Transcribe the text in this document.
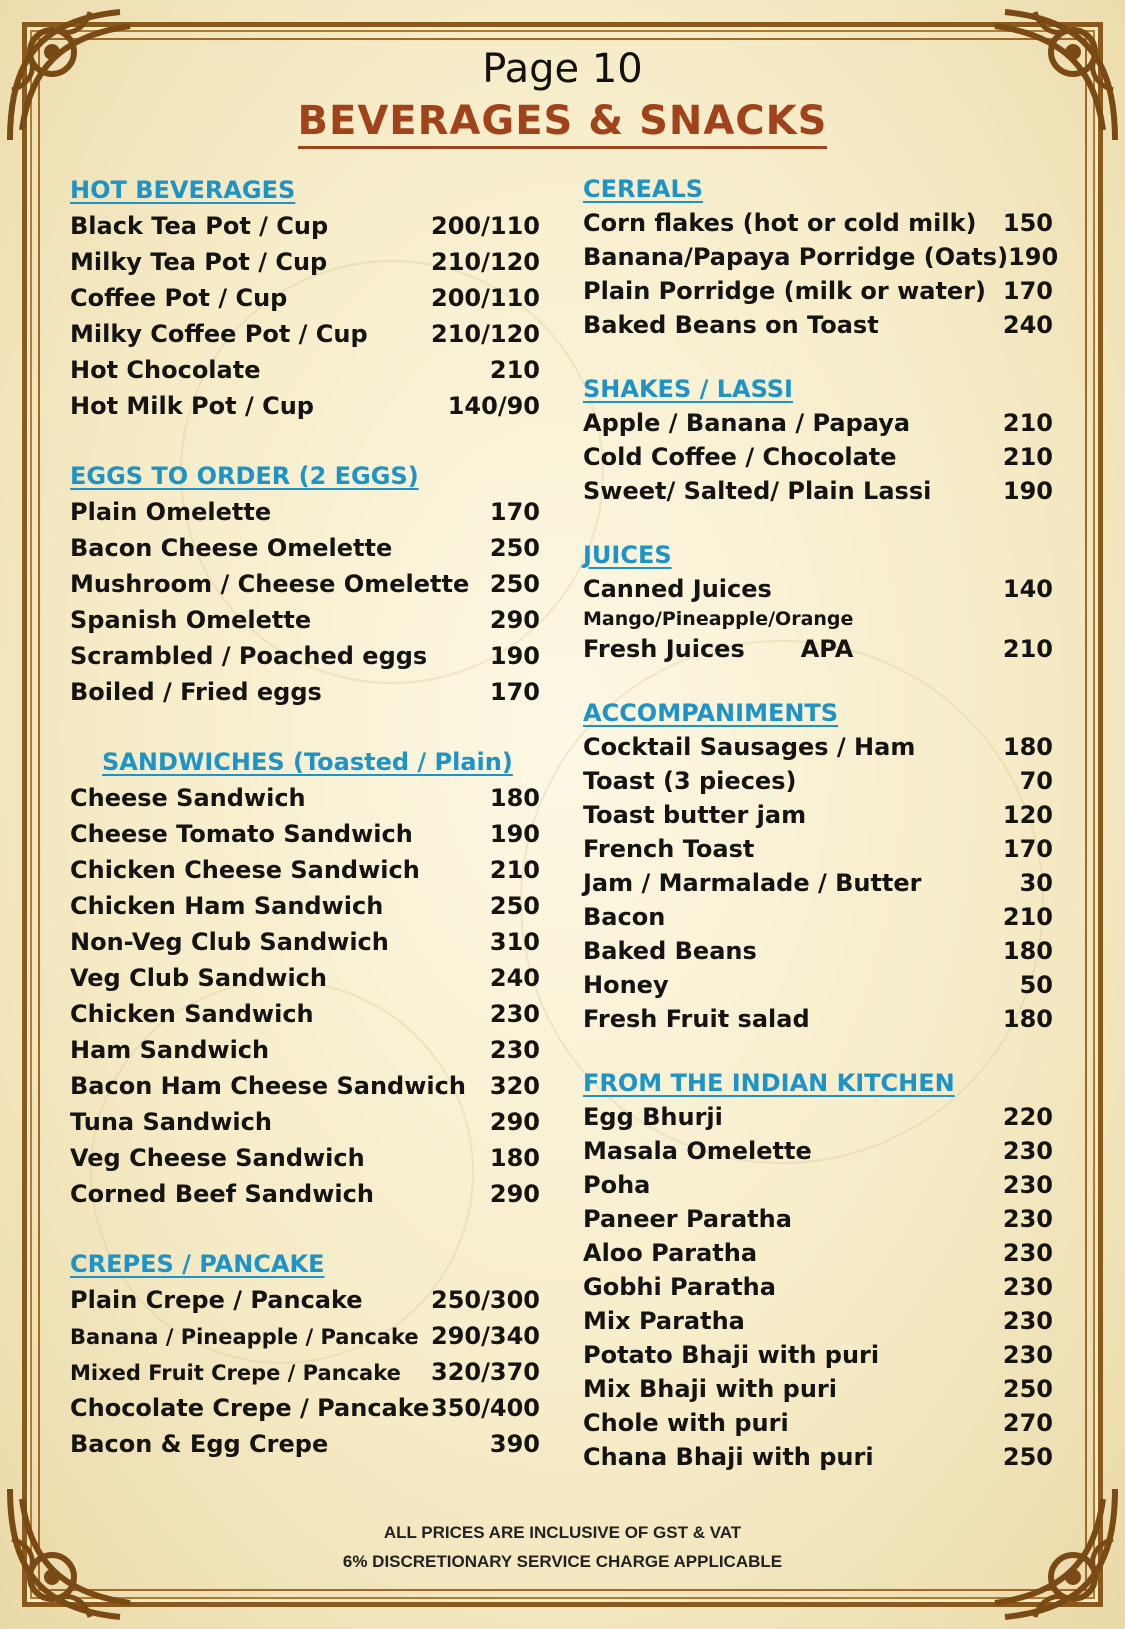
Page 10
BEVERAGES & SNACKS
HOT BEVERAGES
Black Tea Pot / Cup	200/110
Milky Tea Pot / Cup	210/120
Coffee Pot / Cup	200/110
Milky Coffee Pot / Cup	210/120
Hot Chocolate	210
Hot Milk Pot / Cup	140/90
EGGS TO ORDER (2 EGGS)
Plain Omelette	170
Bacon Cheese Omelette	250
Mushroom / Cheese Omelette 250
Spanish Omelette	290
Scrambled / Poached eggs	190
Boiled / Fried eggs	170
SANDWICHES (Toasted / Plain)
Cheese Sandwich	180
Cheese Tomato Sandwich	190
Chicken Cheese Sandwich	210
Chicken Ham Sandwich	250
Non-Veg Club Sandwich	310
Veg Club Sandwich	240
Chicken Sandwich	230
Ham Sandwich	230
Bacon Ham Cheese Sandwich 320
Tuna Sandwich	290
Veg Cheese Sandwich	180
Corned Beef Sandwich	290
CREPES / PANCAKE
Plain Crepe / Pancake	250/300
Banana / Pineapple / Pancake 290/340
Mixed Fruit Crepe / Pancake 320/370
Chocolate Crepe / Pancake 350/400
Bacon & Egg Crepe	390
CEREALS
Corn flakes (hot or cold milk) 150
Banana/Papaya Porridge (Oats) 190
Plain Porridge (milk or water) 170
Baked Beans on Toast	240
SHAKES / LASSI
Apple / Banana / Papaya	210
Cold Coffee / Chocolate	210
Sweet/ Salted/ Plain Lassi	190
JUICES
Canned Juices	140
Mango/Pineapple/Orange
Fresh Juices APA	210
ACCOMPANIMENTS
Cocktail Sausages / Ham	180
Toast (3 pieces)	70
Toast butter jam	120
French Toast	170
Jam / Marmalade / Butter	30
Bacon	210
Baked Beans	180
Honey	50
Fresh Fruit salad	180
FROM THE INDIAN KITCHEN
Egg Bhurji	220
Masala Omelette	230
Poha	230
Paneer Paratha	230
Aloo Paratha	230
Gobhi Paratha	230
Mix Paratha	230
Potato Bhaji with puri	230
Mix Bhaji with puri	250
Chole with puri	270
Chana Bhaji with puri	250
ALL PRICES ARE INCLUSIVE OF GST & VAT
6% DISCRETIONARY SERVICE CHARGE APPLICABLE
